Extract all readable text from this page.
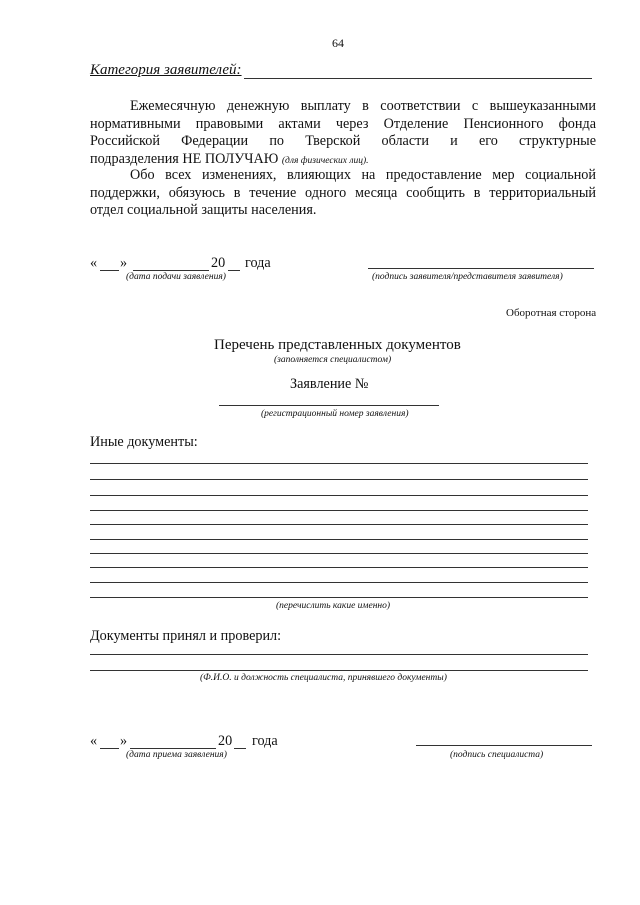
64
Категория заявителей:
Ежемесячную денежную выплату в соответствии с вышеуказанными
нормативными правовыми актами через Отделение Пенсионного фонда
Российской Федерации по Тверской области и его структурные
подразделения НЕ ПОЛУЧАЮ (для физических лиц).
Обо всех изменениях, влияющих на предоставление мер социальной
поддержки, обязуюсь в течение одного месяца сообщить в территориальный
отдел социальной защиты населения.
« »	20 года
(дата подачи заявления)	(подпись заявителя/представителя заявителя)
Оборотная сторона
Перечень представленных документов
(заполняется специалистом)
Заявление №
(регистрационный номер заявления)
Иные документы:
(перечислить какие именно)
Документы принял и проверил:
(Ф.И.О. и должность специалиста, принявшего документы)
« »	20 года
(дата приема заявления)	(подпись специалиста)
